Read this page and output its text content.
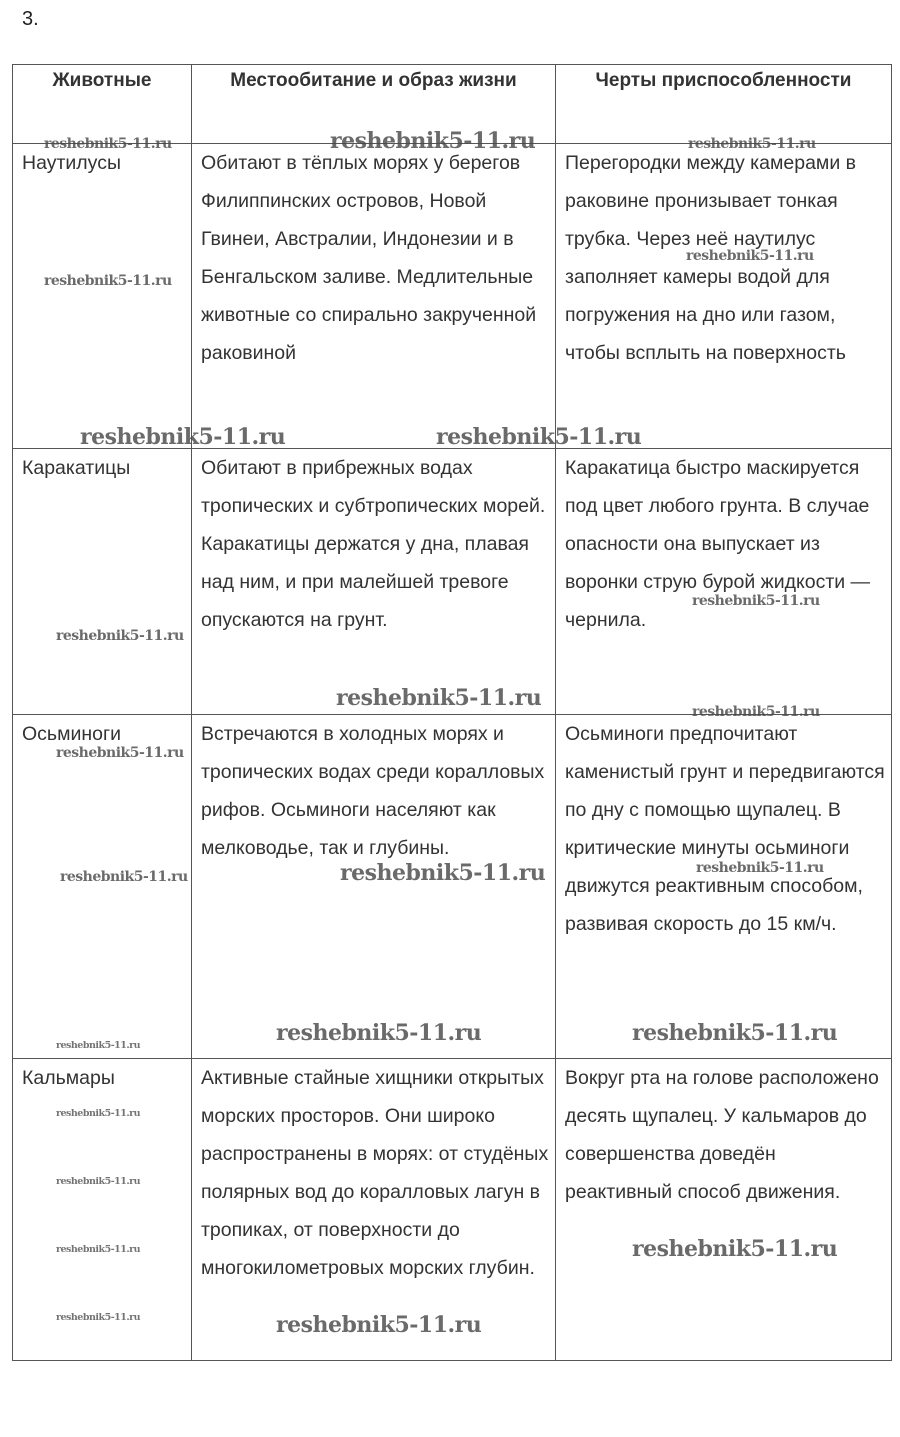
3.
Животные	Местообитание и образ жизни	Черты приспособленности
Наутилусы	Обитают в тёплых морях у берегов Филиппинских островов, Новой Гвинеи, Австралии, Индонезии и в Бенгальском заливе. Медлительные животные со спирально закрученной раковиной	Перегородки между камерами в раковине пронизывает тонкая трубка. Через неё наутилус заполняет камеры водой для погружения на дно или газом, чтобы всплыть на поверхность
Каракатицы	Обитают в прибрежных водах тропических и субтропических морей. Каракатицы держатся у дна, плавая над ним, и при малейшей тревоге опускаются на грунт.	Каракатица быстро маскируется под цвет любого грунта. В случае опасности она выпускает из воронки струю бурой жидкости — чернила.
Осьминоги	Встречаются в холодных морях и тропических водах среди коралловых рифов. Осьминоги населяют как мелководье, так и глубины.	Осьминоги предпочитают каменистый грунт и передвигаются по дну с помощью щупалец. В критические минуты осьминоги движутся реактивным способом, развивая скорость до 15 км/ч.
Кальмары	Активные стайные хищники открытых морских просторов. Они широко распространены в морях: от студёных полярных вод до коралловых лагун в тропиках, от поверхности до многокилометровых морских глубин.	Вокруг рта на голове расположено десять щупалец. У кальмаров до совершенства доведён реактивный способ движения.
reshebnik5-11.ru	reshebnik5-11.ru	reshebnik5-11.ru
reshebnik5-11.ru
reshebnik5-11.ru
reshebnik5-11.ru	reshebnik5-11.ru
reshebnik5-11.ru
reshebnik5-11.ru
reshebnik5-11.ru
reshebnik5-11.ru
reshebnik5-11.ru
reshebnik5-11.ru
reshebnik5-11.ru	reshebnik5-11.ru
reshebnik5-11.ru	reshebnik5-11.ru
reshebnik5-11.ru
reshebnik5-11.ru
reshebnik5-11.ru
reshebnik5-11.ru
reshebnik5-11.ru
reshebnik5-11.ru	reshebnik5-11.ru
